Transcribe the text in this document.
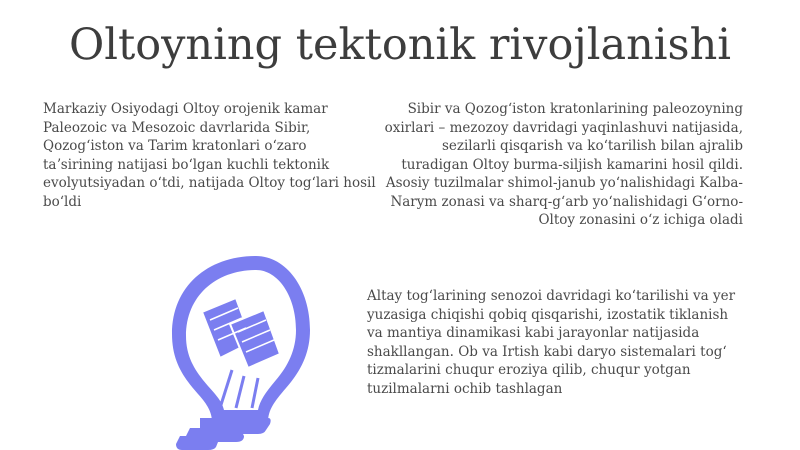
Oltoyning tektonik rivojlanishi
Markaziy Osiyodagi Oltoy orojenik kamar Paleozoic va Mesozoic davrlarida Sibir, Qozogʻiston va Tarim kratonlari oʻzaro taʼsirining natijasi boʻlgan kuchli tektonik evolyutsiyadan oʻtdi, natijada Oltoy togʻlari hosil boʻldi
Sibir va Qozogʻiston kratonlarining paleozoyning oxirlari – mezozoy davridagi yaqinlashuvi natijasida, sezilarli qisqarish va koʻtarilish bilan ajralib turadigan Oltoy burma-siljish kamarini hosil qildi. Asosiy tuzilmalar shimol-janub yoʻnalishidagi Kalba-Narym zonasi va sharq-gʻarb yoʻnalishidagi Gʻorno-Oltoy zonasini oʻz ichiga oladi
Altay togʻlarining senozoi davridagi koʻtarilishi va yer yuzasiga chiqishi qobiq qisqarishi, izostatik tiklanish va mantiya dinamikasi kabi jarayonlar natijasida shakllangan. Ob va Irtish kabi daryo sistemalari togʻ tizmalarini chuqur eroziya qilib, chuqur yotgan tuzilmalarni ochib tashlagan
